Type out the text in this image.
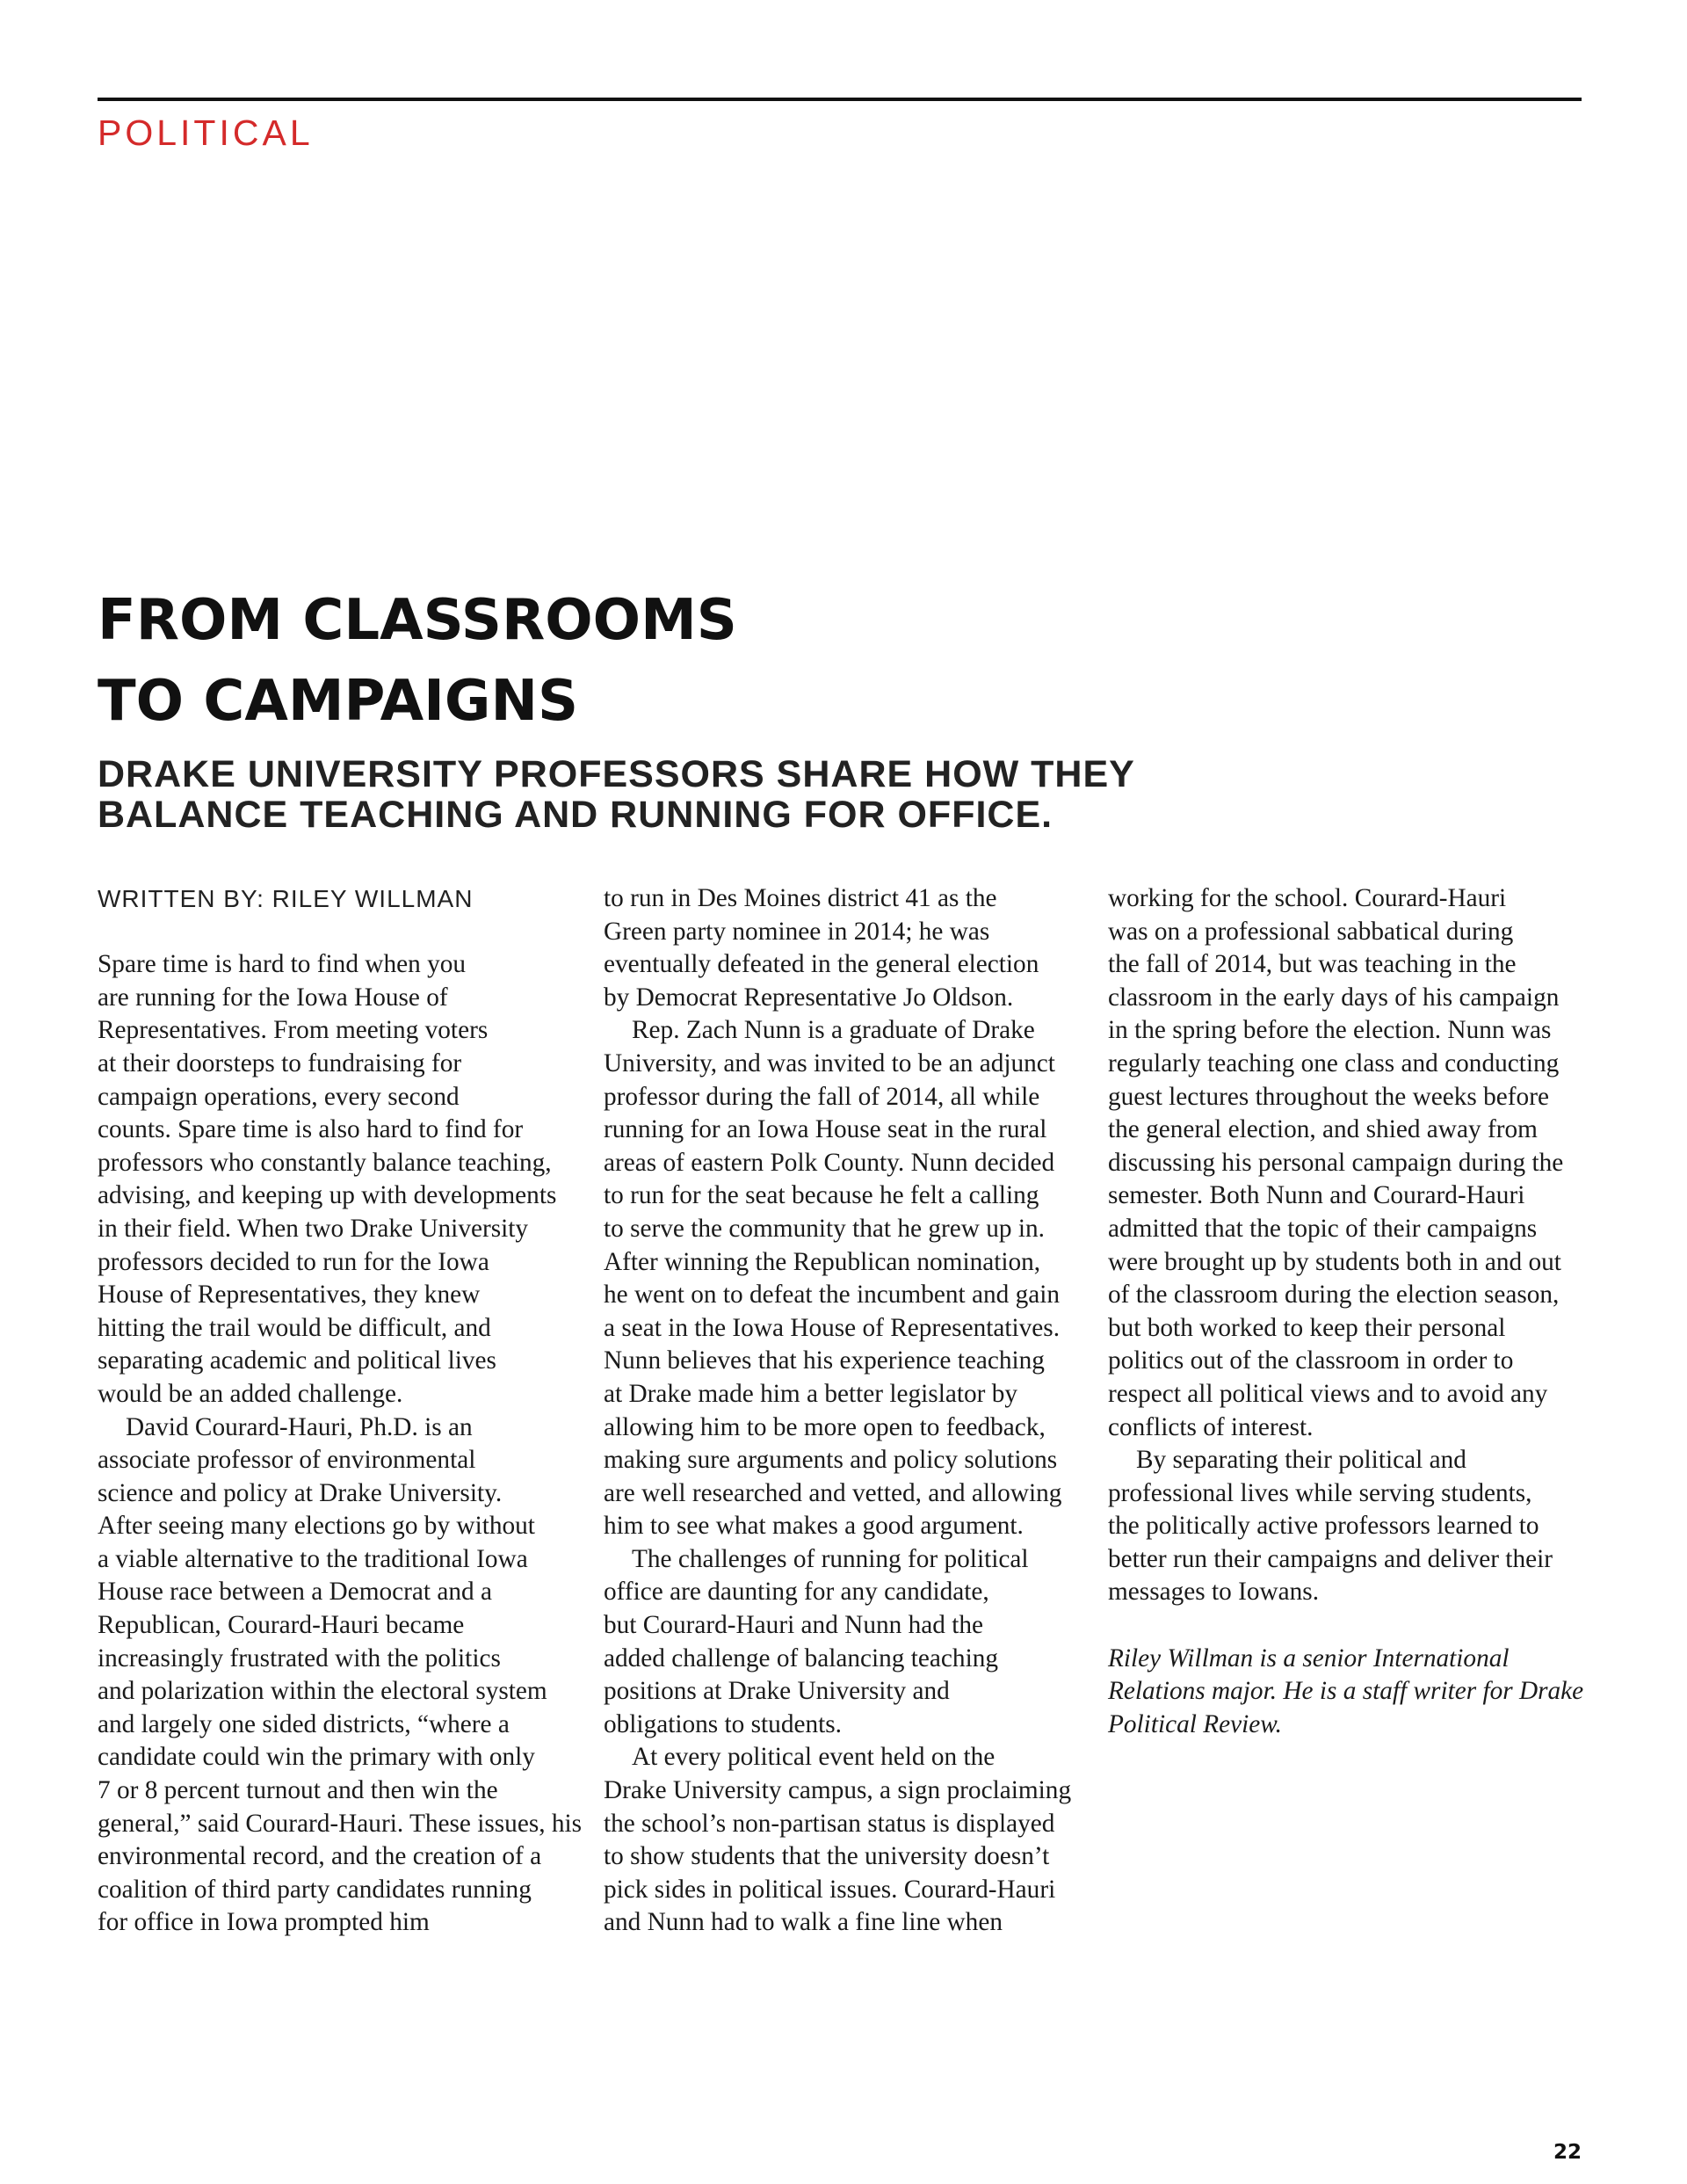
POLITICAL
FROM CLASSROOMS
TO CAMPAIGNS
DRAKE UNIVERSITY PROFESSORS SHARE HOW THEY
BALANCE TEACHING AND RUNNING FOR OFFICE.
WRITTEN BY: RILEY WILLMAN
Spare time is hard to find when you
are running for the Iowa House of
Representatives. From meeting voters
at their doorsteps to fundraising for
campaign operations, every second
counts. Spare time is also hard to find for
professors who constantly balance teaching,
advising, and keeping up with developments
in their field. When two Drake University
professors decided to run for the Iowa
House of Representatives, they knew
hitting the trail would be difficult, and
separating academic and political lives
would be an added challenge.
David Courard-Hauri, Ph.D. is an
associate professor of environmental
science and policy at Drake University.
After seeing many elections go by without
a viable alternative to the traditional Iowa
House race between a Democrat and a
Republican, Courard-Hauri became
increasingly frustrated with the politics
and polarization within the electoral system
and largely one sided districts, “where a
candidate could win the primary with only
7 or 8 percent turnout and then win the
general,” said Courard-Hauri. These issues, his
environmental record, and the creation of a
coalition of third party candidates running
for office in Iowa prompted him
to run in Des Moines district 41 as the
Green party nominee in 2014; he was
eventually defeated in the general election
by Democrat Representative Jo Oldson.
Rep. Zach Nunn is a graduate of Drake
University, and was invited to be an adjunct
professor during the fall of 2014, all while
running for an Iowa House seat in the rural
areas of eastern Polk County. Nunn decided
to run for the seat because he felt a calling
to serve the community that he grew up in.
After winning the Republican nomination,
he went on to defeat the incumbent and gain
a seat in the Iowa House of Representatives.
Nunn believes that his experience teaching
at Drake made him a better legislator by
allowing him to be more open to feedback,
making sure arguments and policy solutions
are well researched and vetted, and allowing
him to see what makes a good argument.
The challenges of running for political
office are daunting for any candidate,
but Courard-Hauri and Nunn had the
added challenge of balancing teaching
positions at Drake University and
obligations to students.
At every political event held on the
Drake University campus, a sign proclaiming
the school’s non-partisan status is displayed
to show students that the university doesn’t
pick sides in political issues. Courard-Hauri
and Nunn had to walk a fine line when
working for the school. Courard-Hauri
was on a professional sabbatical during
the fall of 2014, but was teaching in the
classroom in the early days of his campaign
in the spring before the election. Nunn was
regularly teaching one class and conducting
guest lectures throughout the weeks before
the general election, and shied away from
discussing his personal campaign during the
semester. Both Nunn and Courard-Hauri
admitted that the topic of their campaigns
were brought up by students both in and out
of the classroom during the election season,
but both worked to keep their personal
politics out of the classroom in order to
respect all political views and to avoid any
conflicts of interest.
By separating their political and
professional lives while serving students,
the politically active professors learned to
better run their campaigns and deliver their
messages to Iowans.
Riley Willman is a senior International
Relations major. He is a staff writer for Drake
Political Review.
22
